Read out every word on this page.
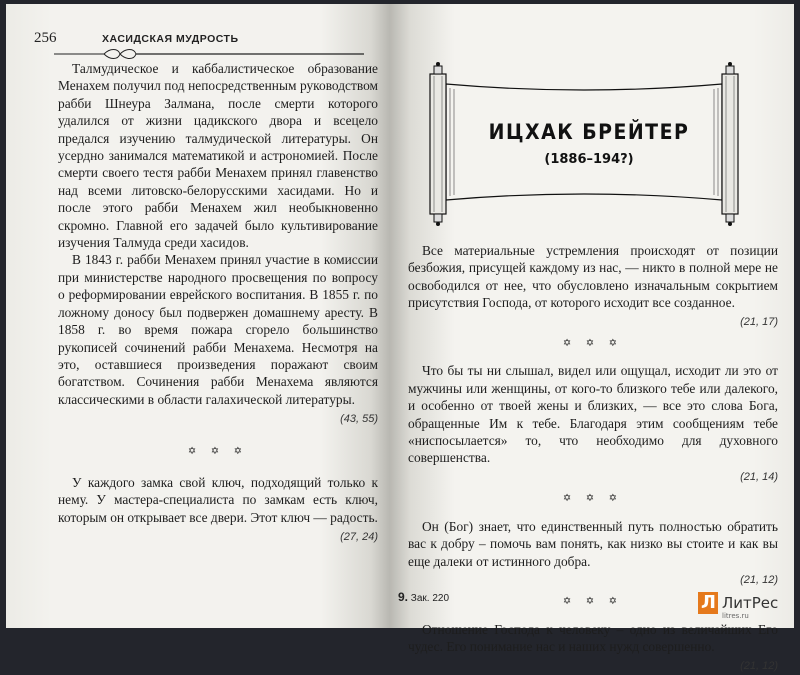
256	ХАСИДСКАЯ МУДРОСТЬ

Талмудическое и каббалистическое образование Менахем получил под непосредственным руководством рабби Шнеура Залмана, после смерти которого удалился от жизни цадикского двора и всецело предался изучению талмудической литературы. Он усердно занимался математикой и астрономией. После смерти своего тестя рабби Менахем принял главенство над всеми литовско-белорусскими хасидами. Но и после этого рабби Менахем жил необыкновенно скромно. Главной его задачей было культивирование изучения Талмуда среди хасидов.

В 1843 г. рабби Менахем принял участие в комиссии при министерстве народного просвещения по вопросу о реформировании еврейского воспитания. В 1855 г. по ложному доносу был подвержен домашнему аресту. В 1858 г. во время пожара сгорело большинство рукописей сочинений рабби Менахема. Несмотря на это, оставшиеся произведения поражают своим богатством. Сочинения рабби Менахема являются классическими в области галахической литературы.

(43, 55)
✡ ✡ ✡

У каждого замка свой ключ, подходящий только к нему. У мастера-специалиста по замкам есть ключ, которым он открывает все двери. Этот ключ — радость.

(27, 24)
ИЦХАК БРЕЙТЕР
(1886–194?)

Все материальные устремления происходят от позиции безбожия, присущей каждому из нас, — никто в полной мере не освободился от нее, что обусловлено изначальным сокрытием присутствия Господа, от которого исходит все созданное.

(21, 17)
✡ ✡ ✡

Что бы ты ни слышал, видел или ощущал, исходит ли это от мужчины или женщины, от кого-то близкого тебе или далекого, и особенно от твоей жены и близких, — все это слова Бога, обращенные Им к тебе. Благодаря этим сообщениям тебе «ниспосылается» то, что необходимо для духовного совершенства.

(21, 14)
✡ ✡ ✡

Он (Бог) знает, что единственный путь полностью обратить вас к добру – помочь вам понять, как низко вы стоите и как вы еще далеки от истинного добра.

(21, 12)
✡ ✡ ✡

Отношение Господа к человеку – одно из величайших Его чудес. Его понимание нас и наших нужд совершенно.

(21, 12)
9. Зак. 220	Л ЛитРес
litres.ru
